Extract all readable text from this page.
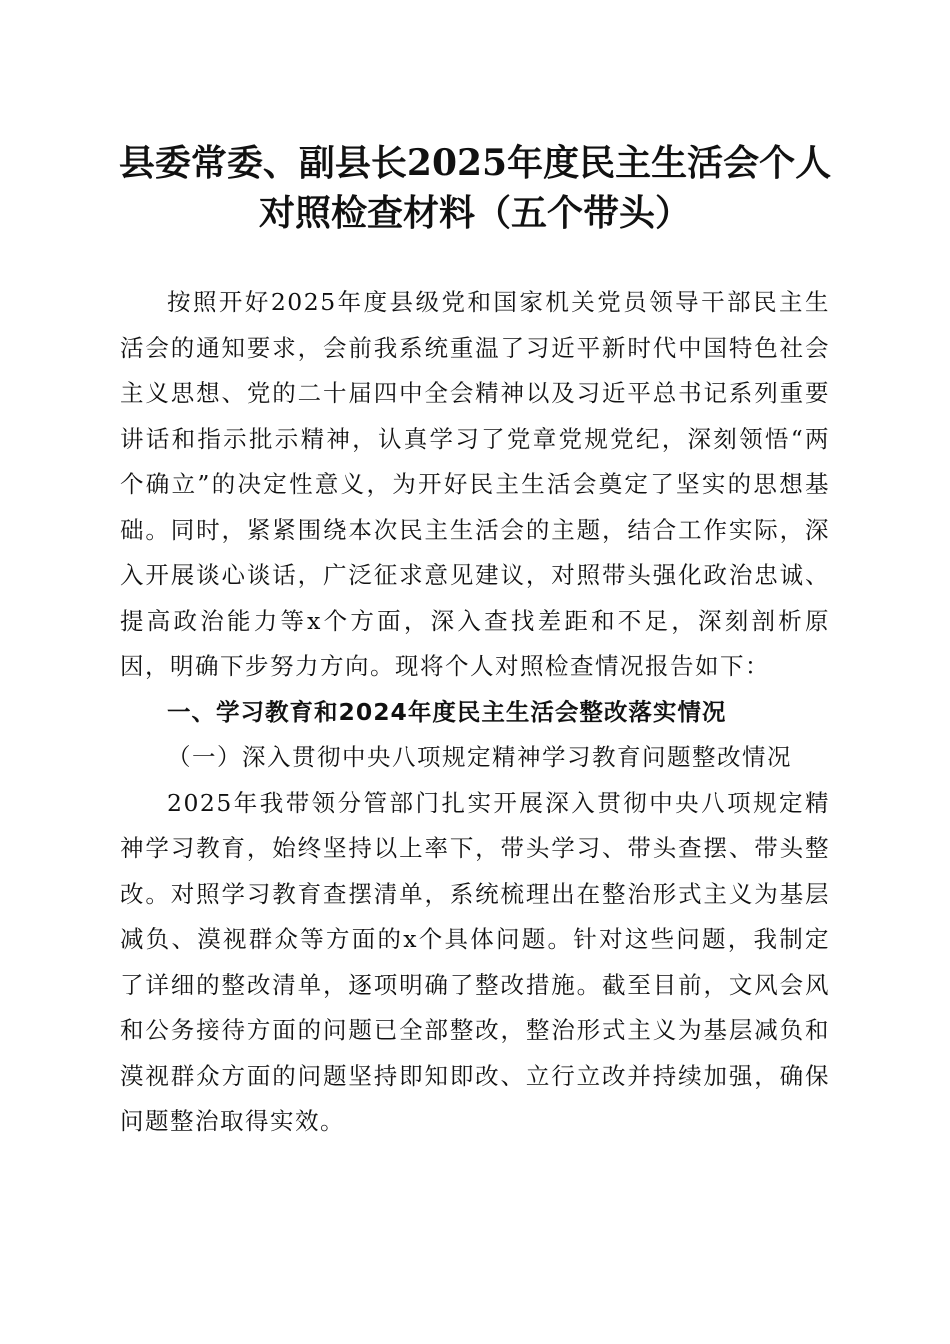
县委常委、副县长2025年度民主生活会个人
对照检查材料（五个带头）

按照开好2025年度县级党和国家机关党员领导干部民主生活会的通知要求，会前我系统重温了习近平新时代中国特色社会主义思想、党的二十届四中全会精神以及习近平总书记系列重要讲话和指示批示精神，认真学习了党章党规党纪，深刻领悟“两个确立”的决定性意义，为开好民主生活会奠定了坚实的思想基础。同时，紧紧围绕本次民主生活会的主题，结合工作实际，深入开展谈心谈话，广泛征求意见建议，对照带头强化政治忠诚、提高政治能力等x个方面，深入查找差距和不足，深刻剖析原因，明确下步努力方向。现将个人对照检查情况报告如下：

一、学习教育和2024年度民主生活会整改落实情况
（一）深入贯彻中央八项规定精神学习教育问题整改情况

2025年我带领分管部门扎实开展深入贯彻中央八项规定精神学习教育，始终坚持以上率下，带头学习、带头查摆、带头整改。对照学习教育查摆清单，系统梳理出在整治形式主义为基层减负、漠视群众等方面的x个具体问题。针对这些问题，我制定了详细的整改清单，逐项明确了整改措施。截至目前，文风会风和公务接待方面的问题已全部整改，整治形式主义为基层减负和漠视群众方面的问题坚持即知即改、立行立改并持续加强，确保问题整治取得实效。
